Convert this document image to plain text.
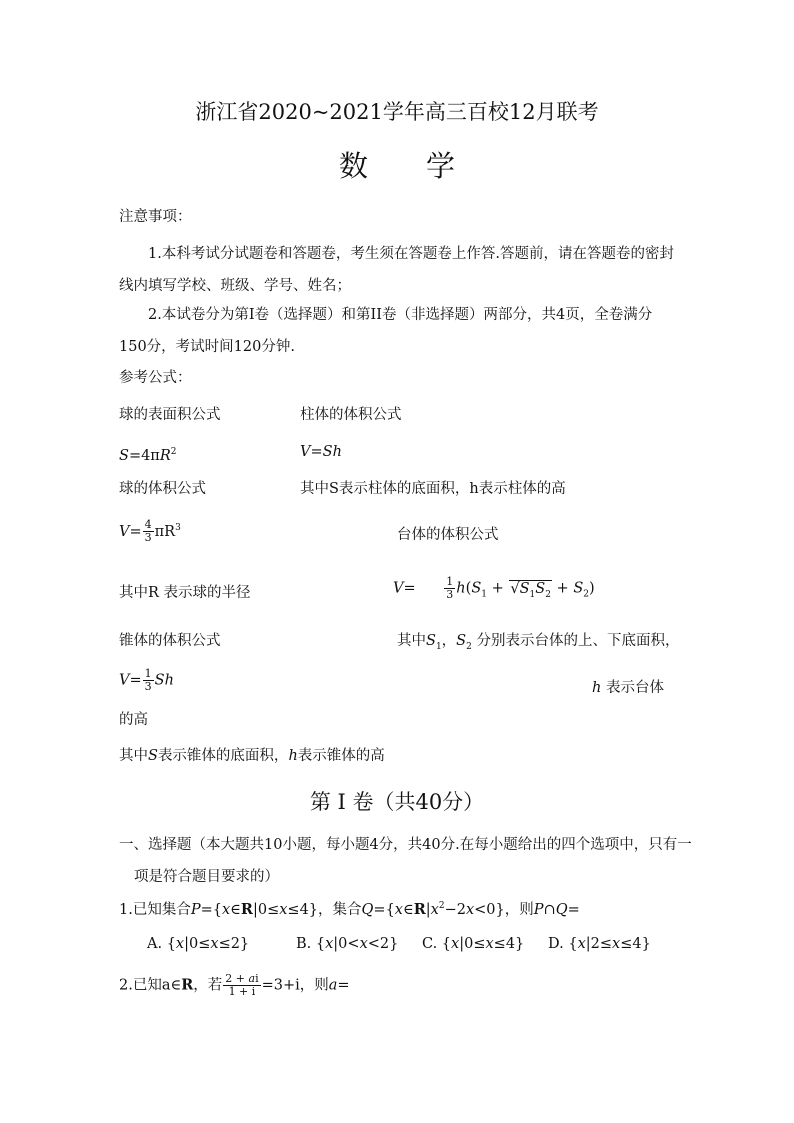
浙江省2020~2021学年高三百校12月联考
数学
注意事项：
1.本科考试分试题卷和答题卷，考生须在答题卷上作答.答题前，请在答题卷的密封线内填写学校、班级、学号、姓名；
2.本试卷分为第I卷（选择题）和第II卷（非选择题）两部分，共4页，全卷满分150分，考试时间120分钟.
参考公式：
球的表面积公式	柱体的体积公式
$S=4\pi R^2$	V=Sh
球的体积公式	其中S表示柱体的底面积，h表示柱体的高
$V= \frac{4}{3} \pi R^3$	台体的体积公式
其中R 表示球的半径	$V= \frac{1}{3} h(S_1 + √S_1S_2 + S_2)$
锥体的体积公式	其中$S_1$，$S_2$ 分别表示台体的上、下底面积，
$V= \frac{1}{3}$ Sh	h 表示台体
的高
其中S表示锥体的底面积，h表示锥体的高
第 I 卷（共40分）
一、选择题（本大题共10小题，每小题4分，共40分.在每小题给出的四个选项中，只有一项是符合题目要求的）
1.已知集合P={x∈R|0≤x≤4}，集合$Q=\{x\in R|x^2-2x<0\}$，则P∩Q=
A. {x|0≤x≤2}	B. {x|0<x<2} C. {x|0≤x≤4} D. {x|2≤x≤4}
2.已知a∈R，若 $\frac{2 + ai}{1 + i} =3+i$，则a=
